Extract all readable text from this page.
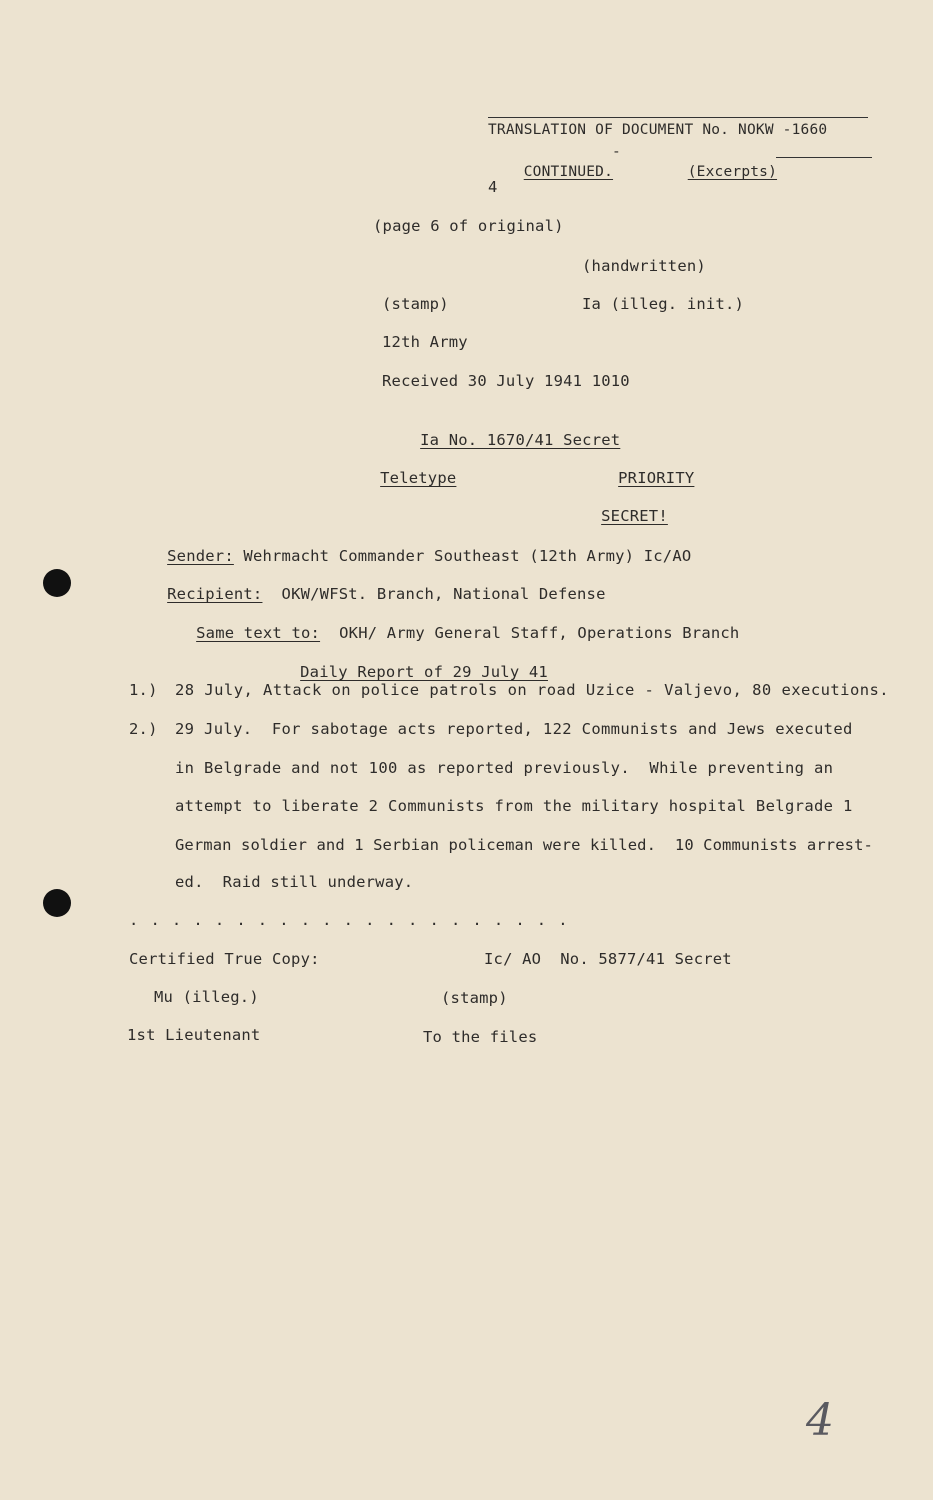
TRANSLATION OF DOCUMENT No. NOKW -1660

CONTINUED.

-

(Excerpts)

4
(page 6 of original)
(handwritten)
(stamp)	Ia (illeg. init.)
12th Army
Received 30 July 1941 1010

Ia No. 1670/41 Secret

Teletype
	PRIORITY

SECRET!

Sender: Wehrmacht Commander Southeast (12th Army) Ic/AO

Recipient:  OKW/WFSt. Branch, National Defense

Same text to:  OKH/ Army General Staff, Operations Branch

Daily Report of 29 July 41

1.) 28 July, Attack on police patrols on road Uzice - Valjevo, 80 executions.
2.) 29 July.  For sabotage acts reported, 122 Communists and Jews executed
in Belgrade and not 100 as reported previously.  While preventing an
attempt to liberate 2 Communists from the military hospital Belgrade 1
German soldier and 1 Serbian policeman were killed.  10 Communists arrest-
ed.  Raid still underway.
. . . . . . . . . . . . . . . . . . . . .
Certified True Copy:	Ic/ AO  No. 5877/41 Secret
Mu (illeg.)	(stamp)
1st Lieutenant	To the files
4
